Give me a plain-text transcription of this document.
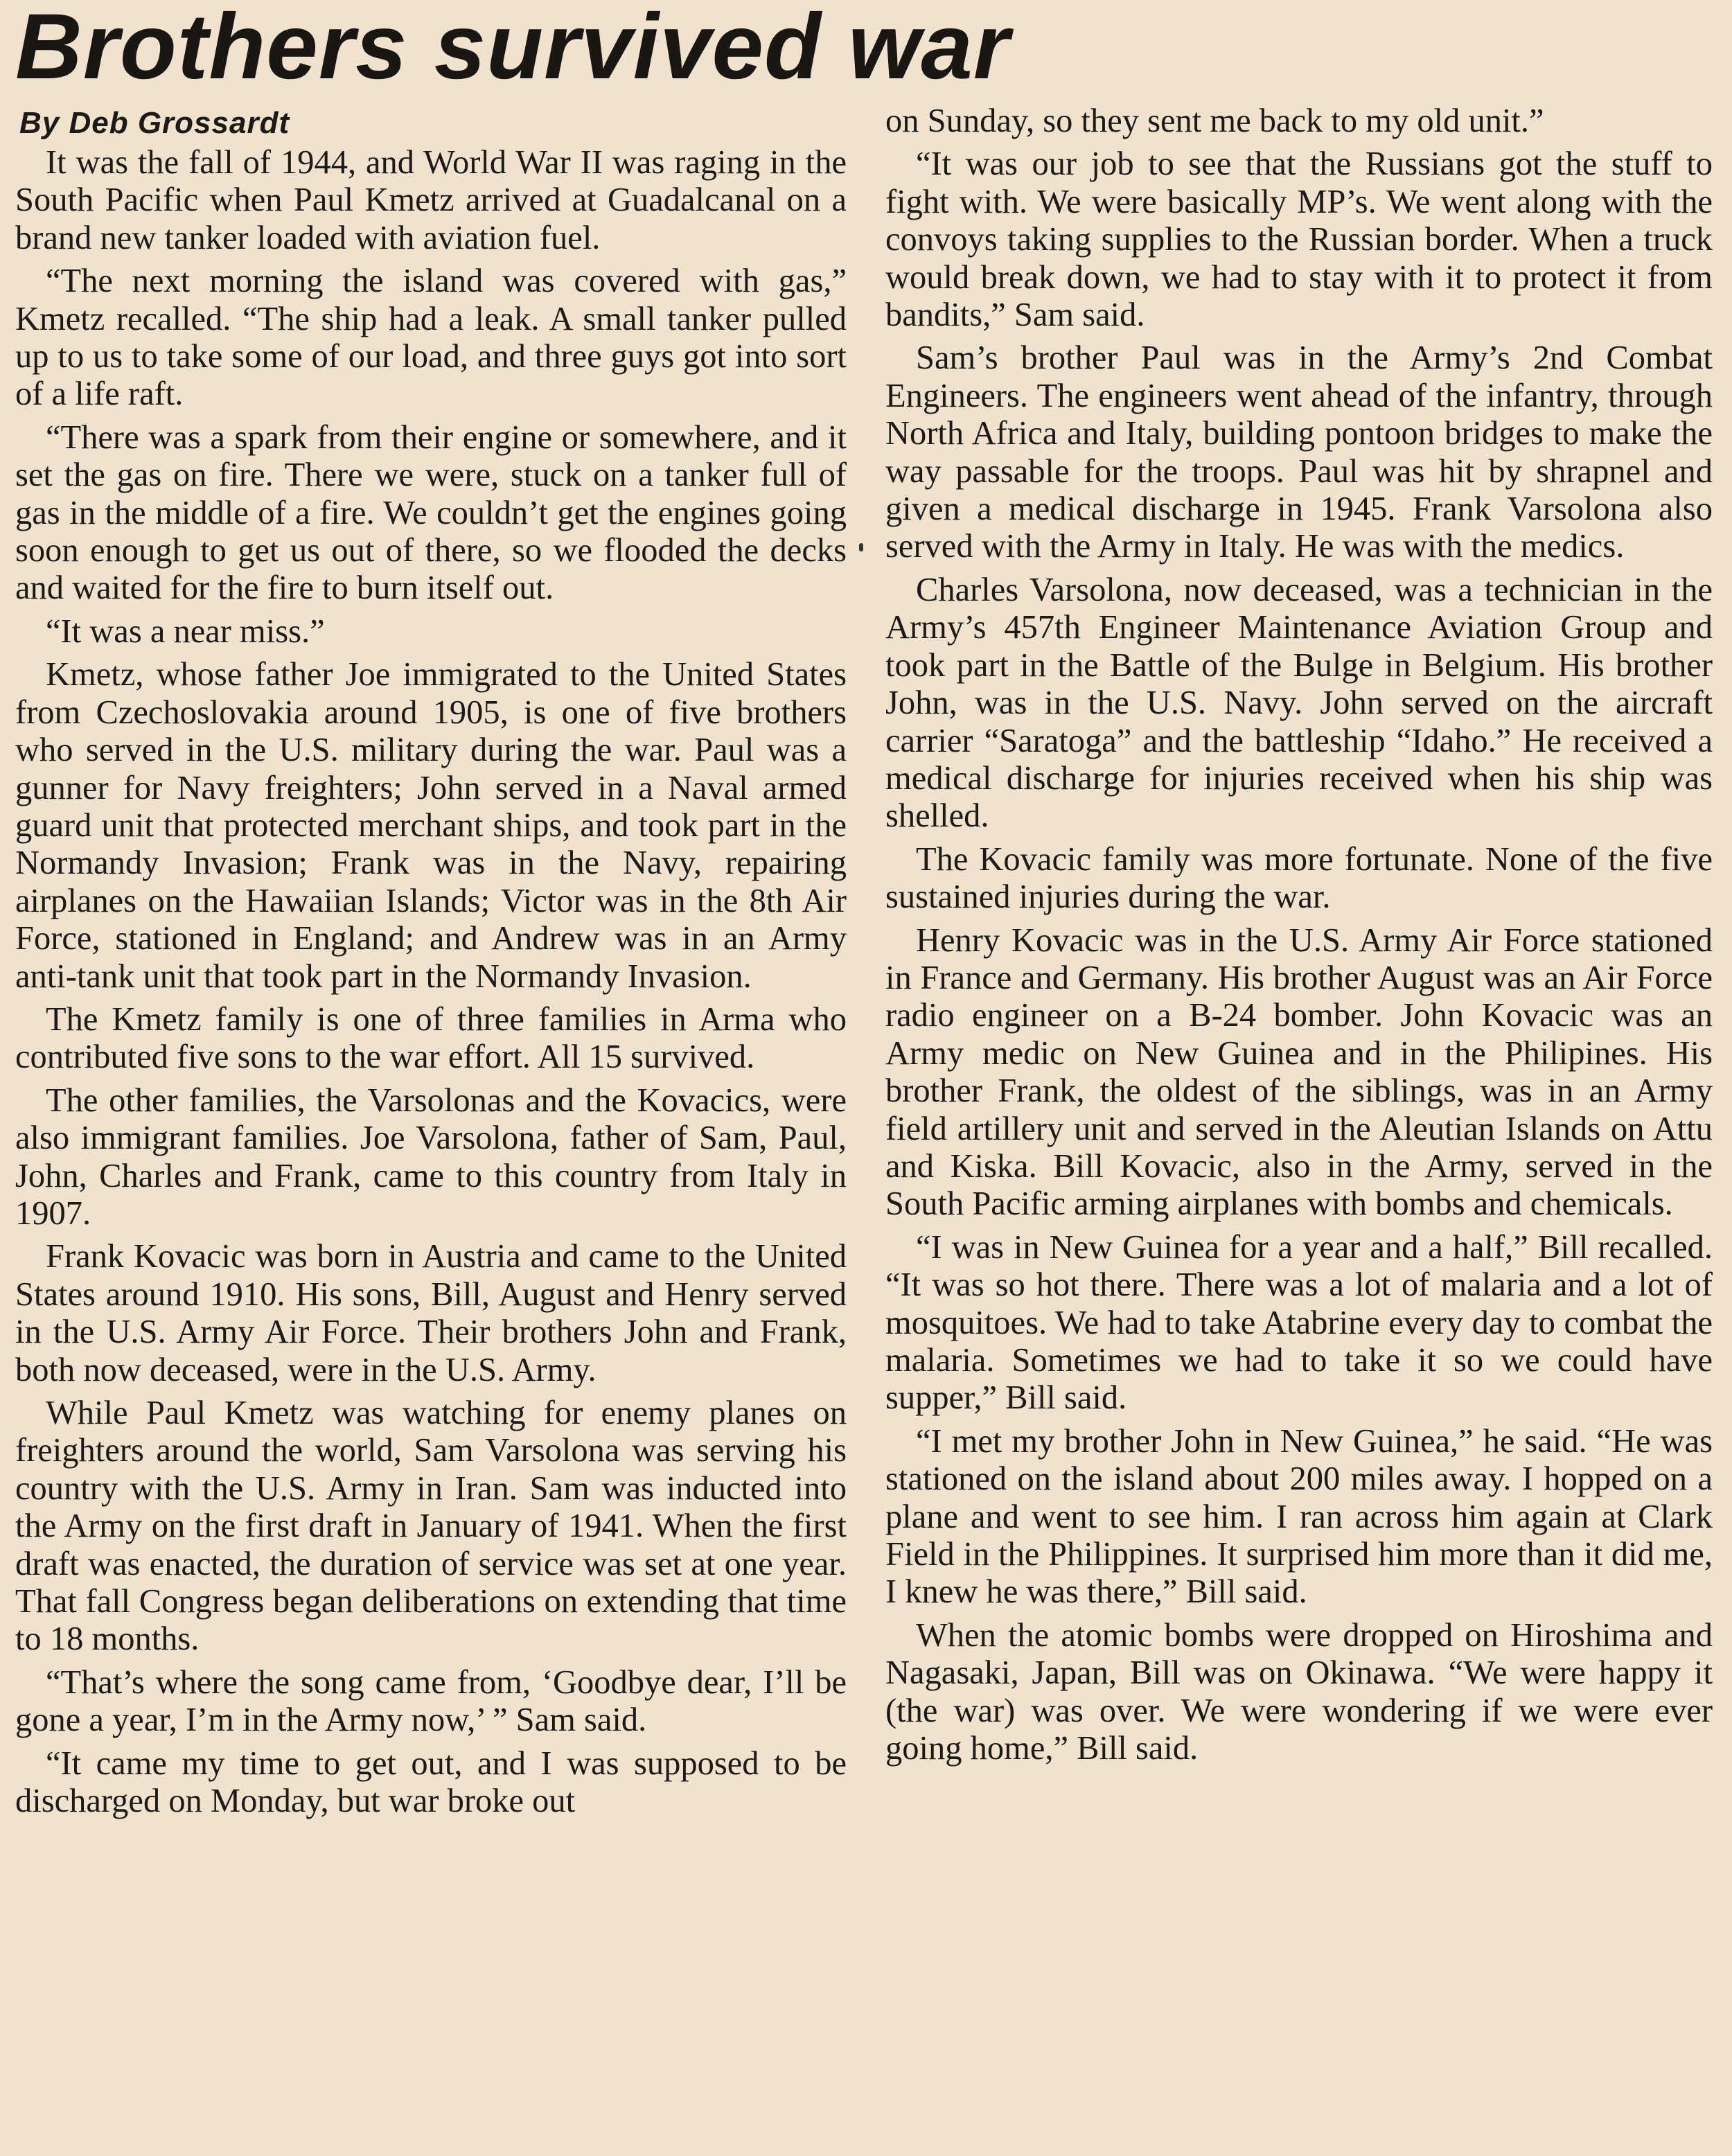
Brothers survived war
By Deb Grossardt

It was the fall of 1944, and World War II was raging in the South Pacific when Paul Kmetz arrived at Guadalcanal on a brand new tanker loaded with aviation fuel.

“The next morning the island was covered with gas,” Kmetz recalled. “The ship had a leak. A small tanker pulled up to us to take some of our load, and three guys got into sort of a life raft.

“There was a spark from their engine or somewhere, and it set the gas on fire. There we were, stuck on a tanker full of gas in the middle of a fire. We couldn’t get the engines going soon enough to get us out of there, so we flooded the decks and waited for the fire to burn itself out.

“It was a near miss.”

Kmetz, whose father Joe immigrated to the United States from Czechoslovakia around 1905, is one of five brothers who served in the U.S. military during the war. Paul was a gunner for Navy freighters; John served in a Naval armed guard unit that protected merchant ships, and took part in the Normandy Invasion; Frank was in the Navy, repairing airplanes on the Hawaiian Islands; Victor was in the 8th Air Force, stationed in England; and Andrew was in an Army anti-tank unit that took part in the Normandy Invasion.

The Kmetz family is one of three families in Arma who contributed five sons to the war effort. All 15 survived.

The other families, the Varsolonas and the Kovacics, were also immigrant families. Joe Varsolona, father of Sam, Paul, John, Charles and Frank, came to this country from Italy in 1907.

Frank Kovacic was born in Austria and came to the United States around 1910. His sons, Bill, August and Henry served in the U.S. Army Air Force. Their brothers John and Frank, both now deceased, were in the U.S. Army.

While Paul Kmetz was watching for enemy planes on freighters around the world, Sam Varsolona was serving his country with the U.S. Army in Iran. Sam was inducted into the Army on the first draft in January of 1941. When the first draft was enacted, the duration of service was set at one year. That fall Congress began deliberations on extending that time to 18 months.

“That’s where the song came from, ‘Goodbye dear, I’ll be gone a year, I’m in the Army now,’ ” Sam said.

“It came my time to get out, and I was supposed to be discharged on Monday, but war broke out

on Sunday, so they sent me back to my old unit.”

“It was our job to see that the Russians got the stuff to fight with. We were basically MP’s. We went along with the convoys taking supplies to the Russian border. When a truck would break down, we had to stay with it to protect it from bandits,” Sam said.

Sam’s brother Paul was in the Army’s 2nd Combat Engineers. The engineers went ahead of the infantry, through North Africa and Italy, building pontoon bridges to make the way passable for the troops. Paul was hit by shrapnel and given a medical discharge in 1945. Frank Varsolona also served with the Army in Italy. He was with the medics.

Charles Varsolona, now deceased, was a technician in the Army’s 457th Engineer Maintenance Aviation Group and took part in the Battle of the Bulge in Belgium. His brother John, was in the U.S. Navy. John served on the aircraft carrier “Saratoga” and the battleship “Idaho.” He received a medical discharge for injuries received when his ship was shelled.

The Kovacic family was more fortunate. None of the five sustained injuries during the war.

Henry Kovacic was in the U.S. Army Air Force stationed in France and Germany. His brother August was an Air Force radio engineer on a B-24 bomber. John Kovacic was an Army medic on New Guinea and in the Philipines. His brother Frank, the oldest of the siblings, was in an Army field artillery unit and served in the Aleutian Islands on Attu and Kiska. Bill Kovacic, also in the Army, served in the South Pacific arming airplanes with bombs and chemicals.

“I was in New Guinea for a year and a half,” Bill recalled. “It was so hot there. There was a lot of malaria and a lot of mosquitoes. We had to take Atabrine every day to combat the malaria. Sometimes we had to take it so we could have supper,” Bill said.

“I met my brother John in New Guinea,” he said. “He was stationed on the island about 200 miles away. I hopped on a plane and went to see him. I ran across him again at Clark Field in the Philippines. It surprised him more than it did me, I knew he was there,” Bill said.

When the atomic bombs were dropped on Hiroshima and Nagasaki, Japan, Bill was on Okinawa. “We were happy it (the war) was over. We were wondering if we were ever going home,” Bill said.
